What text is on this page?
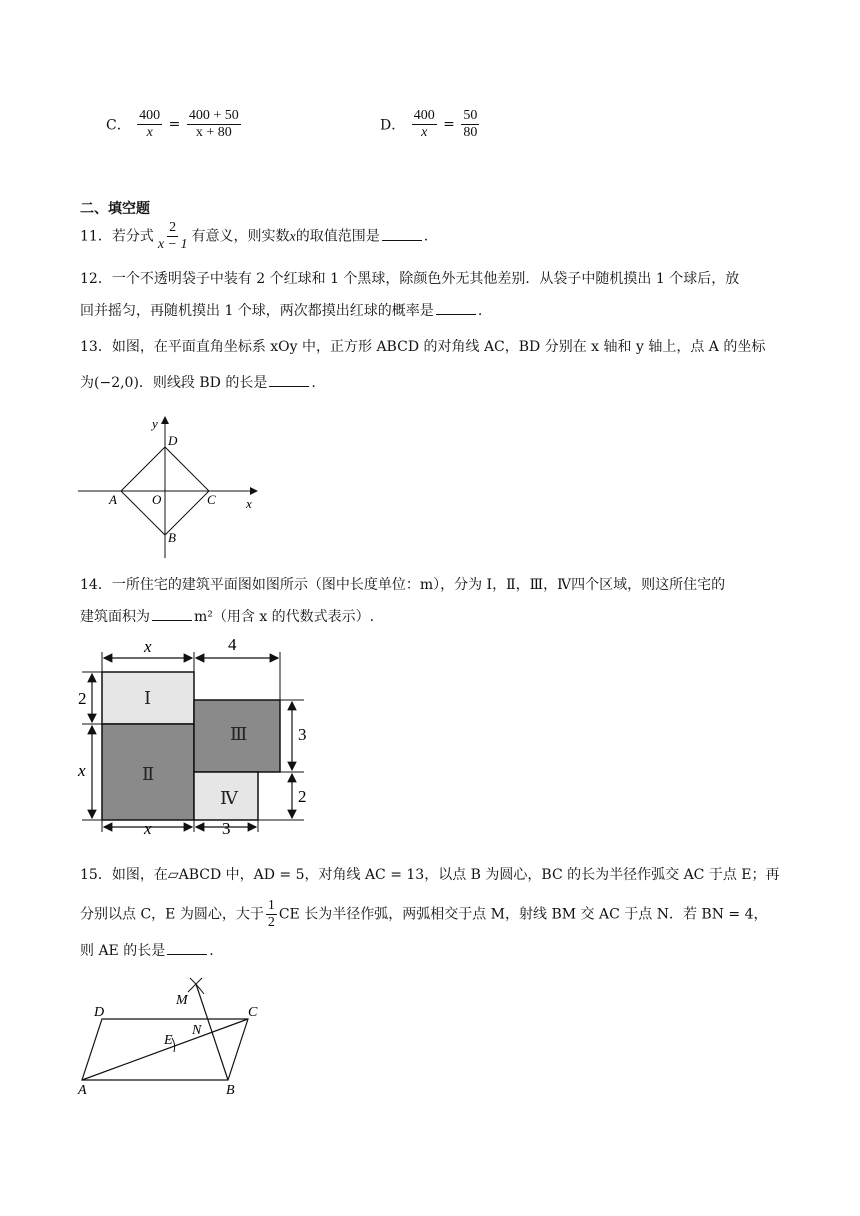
C． $\frac{400}{x} = \frac{400 + 50}{x + 80}$	D． $\frac{400}{x} = \frac{50}{80}$
二、填空题
11．若分式 $\frac{2}{x - 1}$ 有意义，则实数x的取值范围是	.
12．一个不透明袋子中装有 2 个红球和 1 个黑球，除颜色外无其他差别．从袋子中随机摸出 1 个球后，放
回并摇匀，再随机摸出 1 个球，两次都摸出红球的概率是	.
13．如图，在平面直角坐标系 xOy 中，正方形 ABCD 的对角线 AC，BD 分别在 x 轴和 y 轴上，点 A 的坐标
为(−2,0)．则线段 BD 的长是	.
y
D
A	O	C x
B
14．一所住宅的建筑平面图如图所示（图中长度单位：m），分为 Ⅰ，Ⅱ，Ⅲ，Ⅳ四个区域，则这所住宅的
建筑面积为	m²（用含 x 的代数式表示）.
Ⅰ
Ⅱ
Ⅲ
Ⅳ
x	4
2
x
3
2
x	3
15．如图，在▱ABCD 中，AD = 5，对角线 AC = 13，以点 B 为圆心，BC 的长为半径作弧交 AC 于点 E；再
分别以点 C，E 为圆心，大于 $\frac{1}{2}$ CE 长为半径作弧，两弧相交于点 M，射线 BM 交 AC 于点 N．若 BN = 4，
则 AE 的长是	.
D	C
M
N
E
A	B
